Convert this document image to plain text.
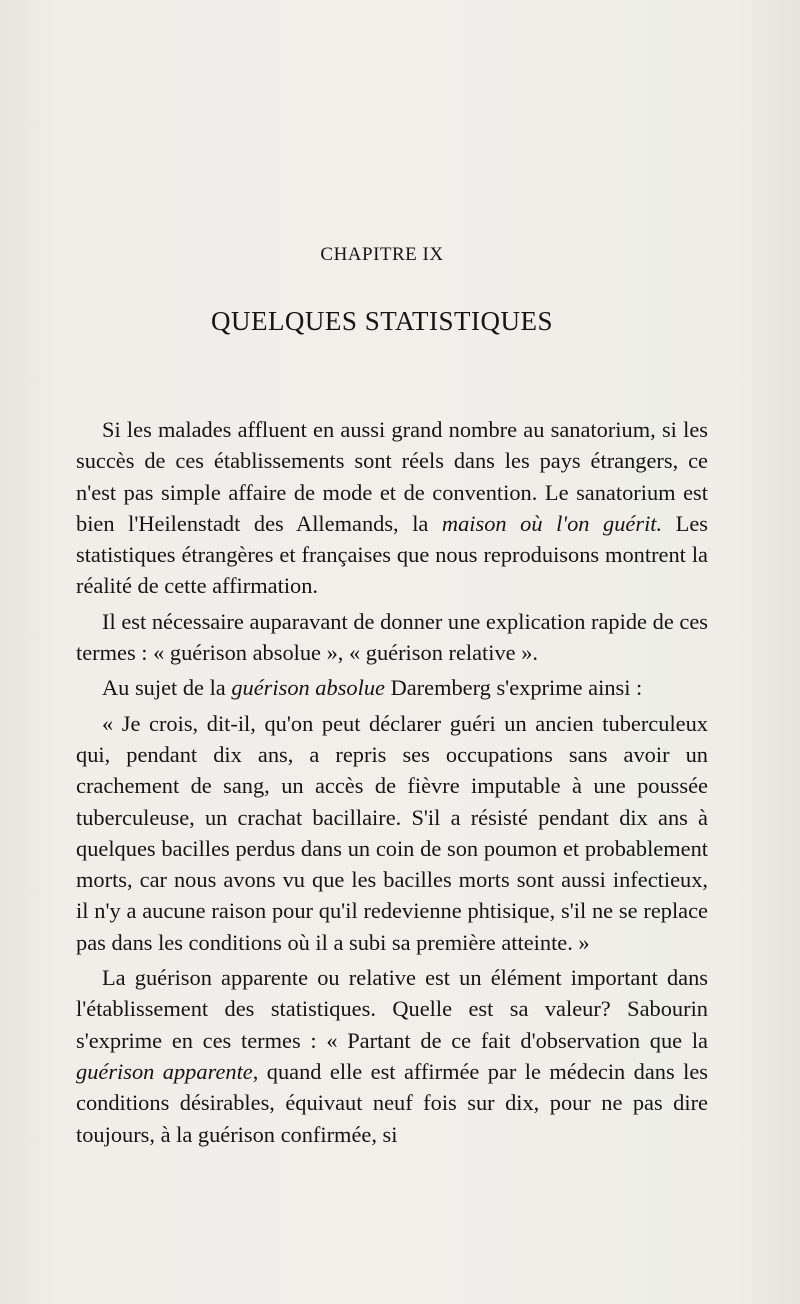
CHAPITRE IX
QUELQUES STATISTIQUES

Si les malades affluent en aussi grand nombre au sanatorium, si les succès de ces établissements sont réels dans les pays étrangers, ce n'est pas simple affaire de mode et de convention. Le sanatorium est bien l'Heilenstadt des Allemands, la maison où l'on guérit. Les statistiques étrangères et françaises que nous reproduisons montrent la réalité de cette affirmation.

Il est nécessaire auparavant de donner une explication rapide de ces termes : « guérison absolue », « guérison relative ».

Au sujet de la guérison absolue Daremberg s'exprime ainsi :

« Je crois, dit-il, qu'on peut déclarer guéri un ancien tuberculeux qui, pendant dix ans, a repris ses occupations sans avoir un crachement de sang, un accès de fièvre imputable à une poussée tuberculeuse, un crachat bacillaire. S'il a résisté pendant dix ans à quelques bacilles perdus dans un coin de son poumon et probablement morts, car nous avons vu que les bacilles morts sont aussi infectieux, il n'y a aucune raison pour qu'il redevienne phtisique, s'il ne se replace pas dans les conditions où il a subi sa première atteinte. »

La guérison apparente ou relative est un élément important dans l'établissement des statistiques. Quelle est sa valeur? Sabourin s'exprime en ces termes : « Partant de ce fait d'observation que la guérison apparente, quand elle est affirmée par le médecin dans les conditions désirables, équivaut neuf fois sur dix, pour ne pas dire toujours, à la guérison confirmée, si
